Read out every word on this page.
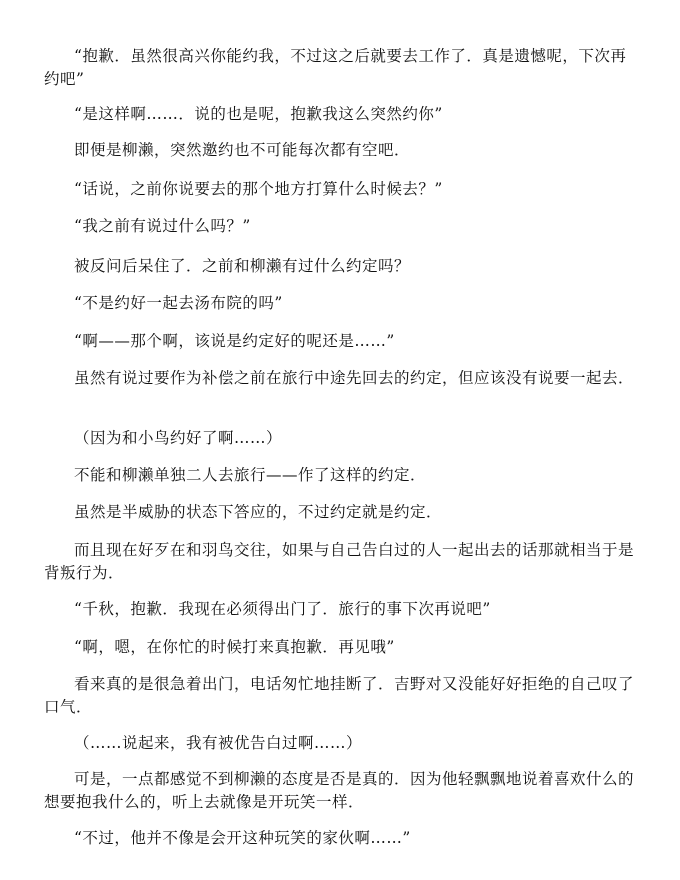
“抱歉．虽然很高兴你能约我，不过这之后就要去工作了．真是遗憾呢，下次再约吧”

“是这样啊……．说的也是呢，抱歉我这么突然约你”

即便是柳濑，突然邀约也不可能每次都有空吧．

“话说，之前你说要去的那个地方打算什么时候去？”

“我之前有说过什么吗？”

被反问后呆住了．之前和柳濑有过什么约定吗？

“不是约好一起去汤布院的吗”

“啊——那个啊，该说是约定好的呢还是……”

虽然有说过要作为补偿之前在旅行中途先回去的约定，但应该没有说要一起去．

（因为和小鸟约好了啊……）

不能和柳濑单独二人去旅行——作了这样的约定．

虽然是半威胁的状态下答应的，不过约定就是约定．

而且现在好歹在和羽鸟交往，如果与自己告白过的人一起出去的话那就相当于是背叛行为．

“千秋，抱歉．我现在必须得出门了．旅行的事下次再说吧”

“啊，嗯，在你忙的时候打来真抱歉．再见哦”

看来真的是很急着出门，电话匆忙地挂断了．吉野对又没能好好拒绝的自己叹了口气．

（……说起来，我有被优告白过啊……）

可是，一点都感觉不到柳濑的态度是否是真的．因为他轻飘飘地说着喜欢什么的想要抱我什么的，听上去就像是开玩笑一样．

“不过，他并不像是会开这种玩笑的家伙啊……”
